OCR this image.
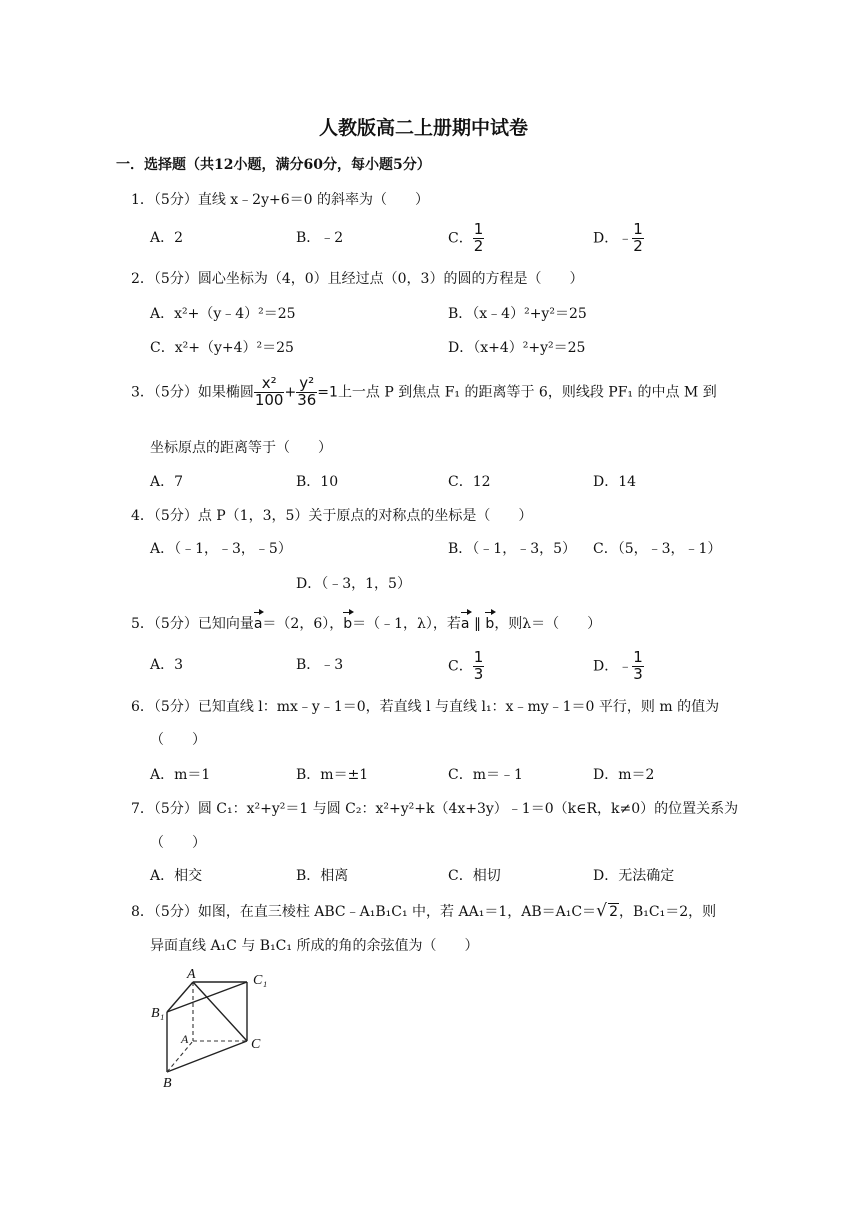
人教版高二上册期中试卷
一．选择题（共12小题，满分60分，每小题5分）
1．（5分）直线 x﹣2y+6＝0 的斜率为（　　）
A．2	B．﹣2	C． $\frac{1}{2}$	D．﹣ $\frac{1}{2}$
2．（5分）圆心坐标为（4，0）且经过点（0，3）的圆的方程是（　　）
A．x²+（y﹣4）²＝25	B．（x﹣4）²+y²＝25
C．x²+（y+4）²＝25	D．（x+4）²+y²＝25
3．（5分）如果椭圆 $\frac{\text{x²}}{100} + \frac{\text{y²}}{36} =1$上一点 P 到焦点 F₁ 的距离等于 6，则线段 PF₁ 的中点 M 到
坐标原点的距离等于（　　）
A．7	B．10	C．12	D．14
4．（5分）点 P（1，3，5）关于原点的对称点的坐标是（　　）
A．（﹣1，﹣3，﹣5）	B．（﹣1，﹣3，5） C．（5，﹣3，﹣1）
D．（﹣3，1，5）
5．（5分）已知向量a＝（2，6），b＝（﹣1，λ），若a ∥ b，则λ＝（　　）
A．3	B．﹣3	C． $\frac{1}{3}$	D．﹣ $\frac{1}{3}$
6．（5分）已知直线 l：mx﹣y﹣1＝0，若直线 l 与直线 l₁：x﹣my﹣1＝0 平行，则 m 的值为
（　　）
A．m＝1	B．m＝±1	C．m＝﹣1	D．m＝2
7．（5分）圆 C₁：x²+y²＝1 与圆 C₂：x²+y²+k（4x+3y）﹣1＝0（k∈R，k≠0）的位置关系为
（　　）
A．相交	B．相离	C．相切	D．无法确定
8．（5分）如图，在直三棱柱 ABC﹣A₁B₁C₁ 中，若 AA₁＝1，AB＝A₁C＝ √ 2，B₁C₁＝2，则
异面直线 A₁C 与 B₁C₁ 所成的角的余弦值为（　　）
A	C₁
B₁
A	C
B
